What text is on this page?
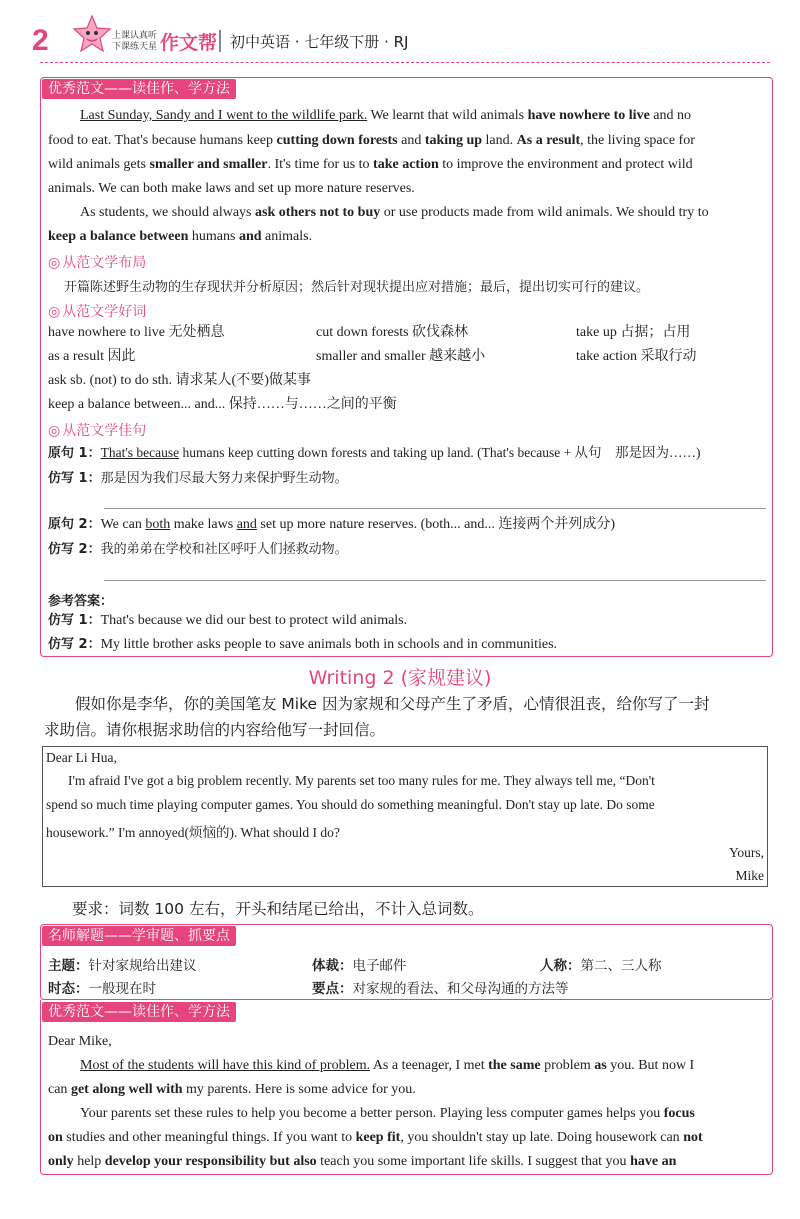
2	上课认真听
下课练天星 作文帮 初中英语 · 七年级下册 · RJ
优秀范文——读佳作、学方法
Last Sunday, Sandy and I went to the wildlife park. We learnt that wild animals have nowhere to live and no
food to eat. That's because humans keep cutting down forests and taking up land. As a result, the living space for
wild animals gets smaller and smaller. It's time for us to take action to improve the environment and protect wild
animals. We can both make laws and set up more nature reserves.
As students, we should always ask others not to buy or use products made from wild animals. We should try to
keep a balance between humans and animals.
◎ 从范文学布局
开篇陈述野生动物的生存现状并分析原因；然后针对现状提出应对措施；最后，提出切实可行的建议。
◎ 从范文学好词
have nowhere to live 无处栖息	cut down forests 砍伐森林	take up 占据；占用
as a result 因此	smaller and smaller 越来越小	take action 采取行动
ask sb. (not) to do sth. 请求某人(不要)做某事
keep a balance between... and... 保持……与……之间的平衡
◎ 从范文学佳句
原句 1：That's because humans keep cutting down forests and taking up land. (That's because + 从句　那是因为……)
仿写 1：那是因为我们尽最大努力来保护野生动物。
原句 2：We can both make laws and set up more nature reserves. (both... and... 连接两个并列成分)
仿写 2：我的弟弟在学校和社区呼吁人们拯救动物。
参考答案：
仿写 1：That's because we did our best to protect wild animals.
仿写 2：My little brother asks people to save animals both in schools and in communities.
Writing 2 (家规建议)
假如你是李华，你的美国笔友 Mike 因为家规和父母产生了矛盾，心情很沮丧，给你写了一封
求助信。请你根据求助信的内容给他写一封回信。
Dear Li Hua,
I'm afraid I've got a big problem recently. My parents set too many rules for me. They always tell me, “Don't
spend so much time playing computer games. You should do something meaningful. Don't stay up late. Do some
housework.” I'm annoyed(烦恼的). What should I do?
Yours,
Mike
要求：词数 100 左右，开头和结尾已给出，不计入总词数。
名师解题——学审题、抓要点
主题：针对家规给出建议	体裁：电子邮件	人称：第二、三人称
时态：一般现在时	要点：对家规的看法、和父母沟通的方法等
优秀范文——读佳作、学方法
Dear Mike,
Most of the students will have this kind of problem. As a teenager, I met the same problem as you. But now I
can get along well with my parents. Here is some advice for you.
Your parents set these rules to help you become a better person. Playing less computer games helps you focus
on studies and other meaningful things. If you want to keep fit, you shouldn't stay up late. Doing housework can not
only help develop your responsibility but also teach you some important life skills. I suggest that you have an
